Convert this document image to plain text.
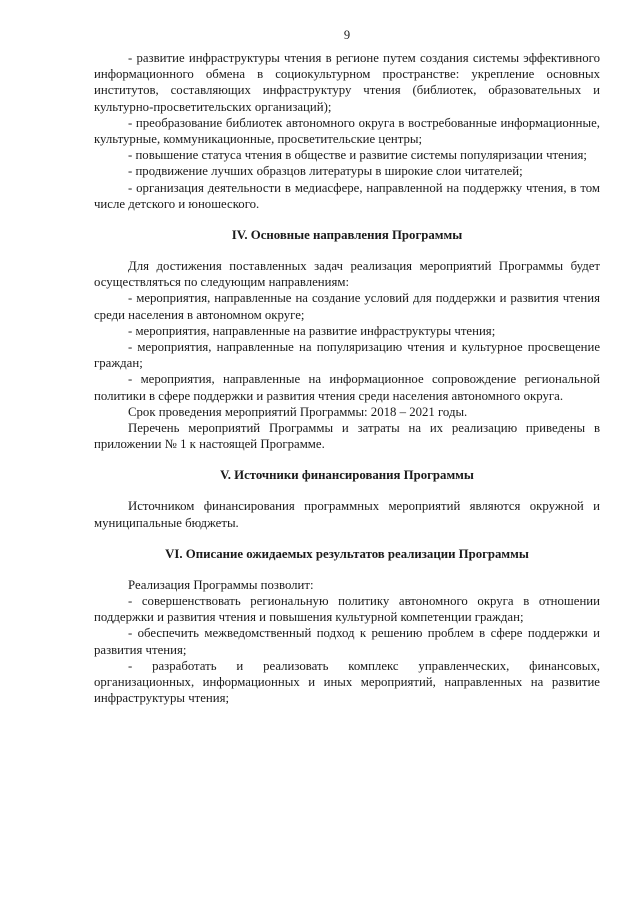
9

- развитие инфраструктуры чтения в регионе путем создания системы эффективного информационного обмена в социокультурном пространстве: укрепление основных институтов, составляющих инфраструктуру чтения (библиотек, образовательных и культурно-просветительских организаций);

- преобразование библиотек автономного округа в востребованные информационные, культурные, коммуникационные, просветительские центры;

- повышение статуса чтения в обществе и развитие системы популяризации чтения;

- продвижение лучших образцов литературы в широкие слои читателей;

- организация деятельности в медиасфере, направленной на поддержку чтения, в том числе детского и юношеского.

IV. Основные направления Программы

Для достижения поставленных задач реализация мероприятий Программы будет осуществляться по следующим направлениям:

- мероприятия, направленные на создание условий для поддержки и развития чтения среди населения в автономном округе;

- мероприятия, направленные на развитие инфраструктуры чтения;

- мероприятия, направленные на популяризацию чтения и культурное просвещение граждан;

- мероприятия, направленные на информационное сопровождение региональной политики в сфере поддержки и развития чтения среди населения автономного округа.

Срок проведения мероприятий Программы: 2018 – 2021 годы.

Перечень мероприятий Программы и затраты на их реализацию приведены в приложении № 1 к настоящей Программе.

V. Источники финансирования Программы

Источником финансирования программных мероприятий являются окружной и муниципальные бюджеты.

VI. Описание ожидаемых результатов реализации Программы

Реализация Программы позволит:

- совершенствовать региональную политику автономного округа в отношении поддержки и развития чтения и повышения культурной компетенции граждан;

- обеспечить межведомственный подход к решению проблем в сфере поддержки и развития чтения;

- разработать и реализовать комплекс управленческих, финансовых, организационных, информационных и иных мероприятий, направленных на развитие инфраструктуры чтения;
